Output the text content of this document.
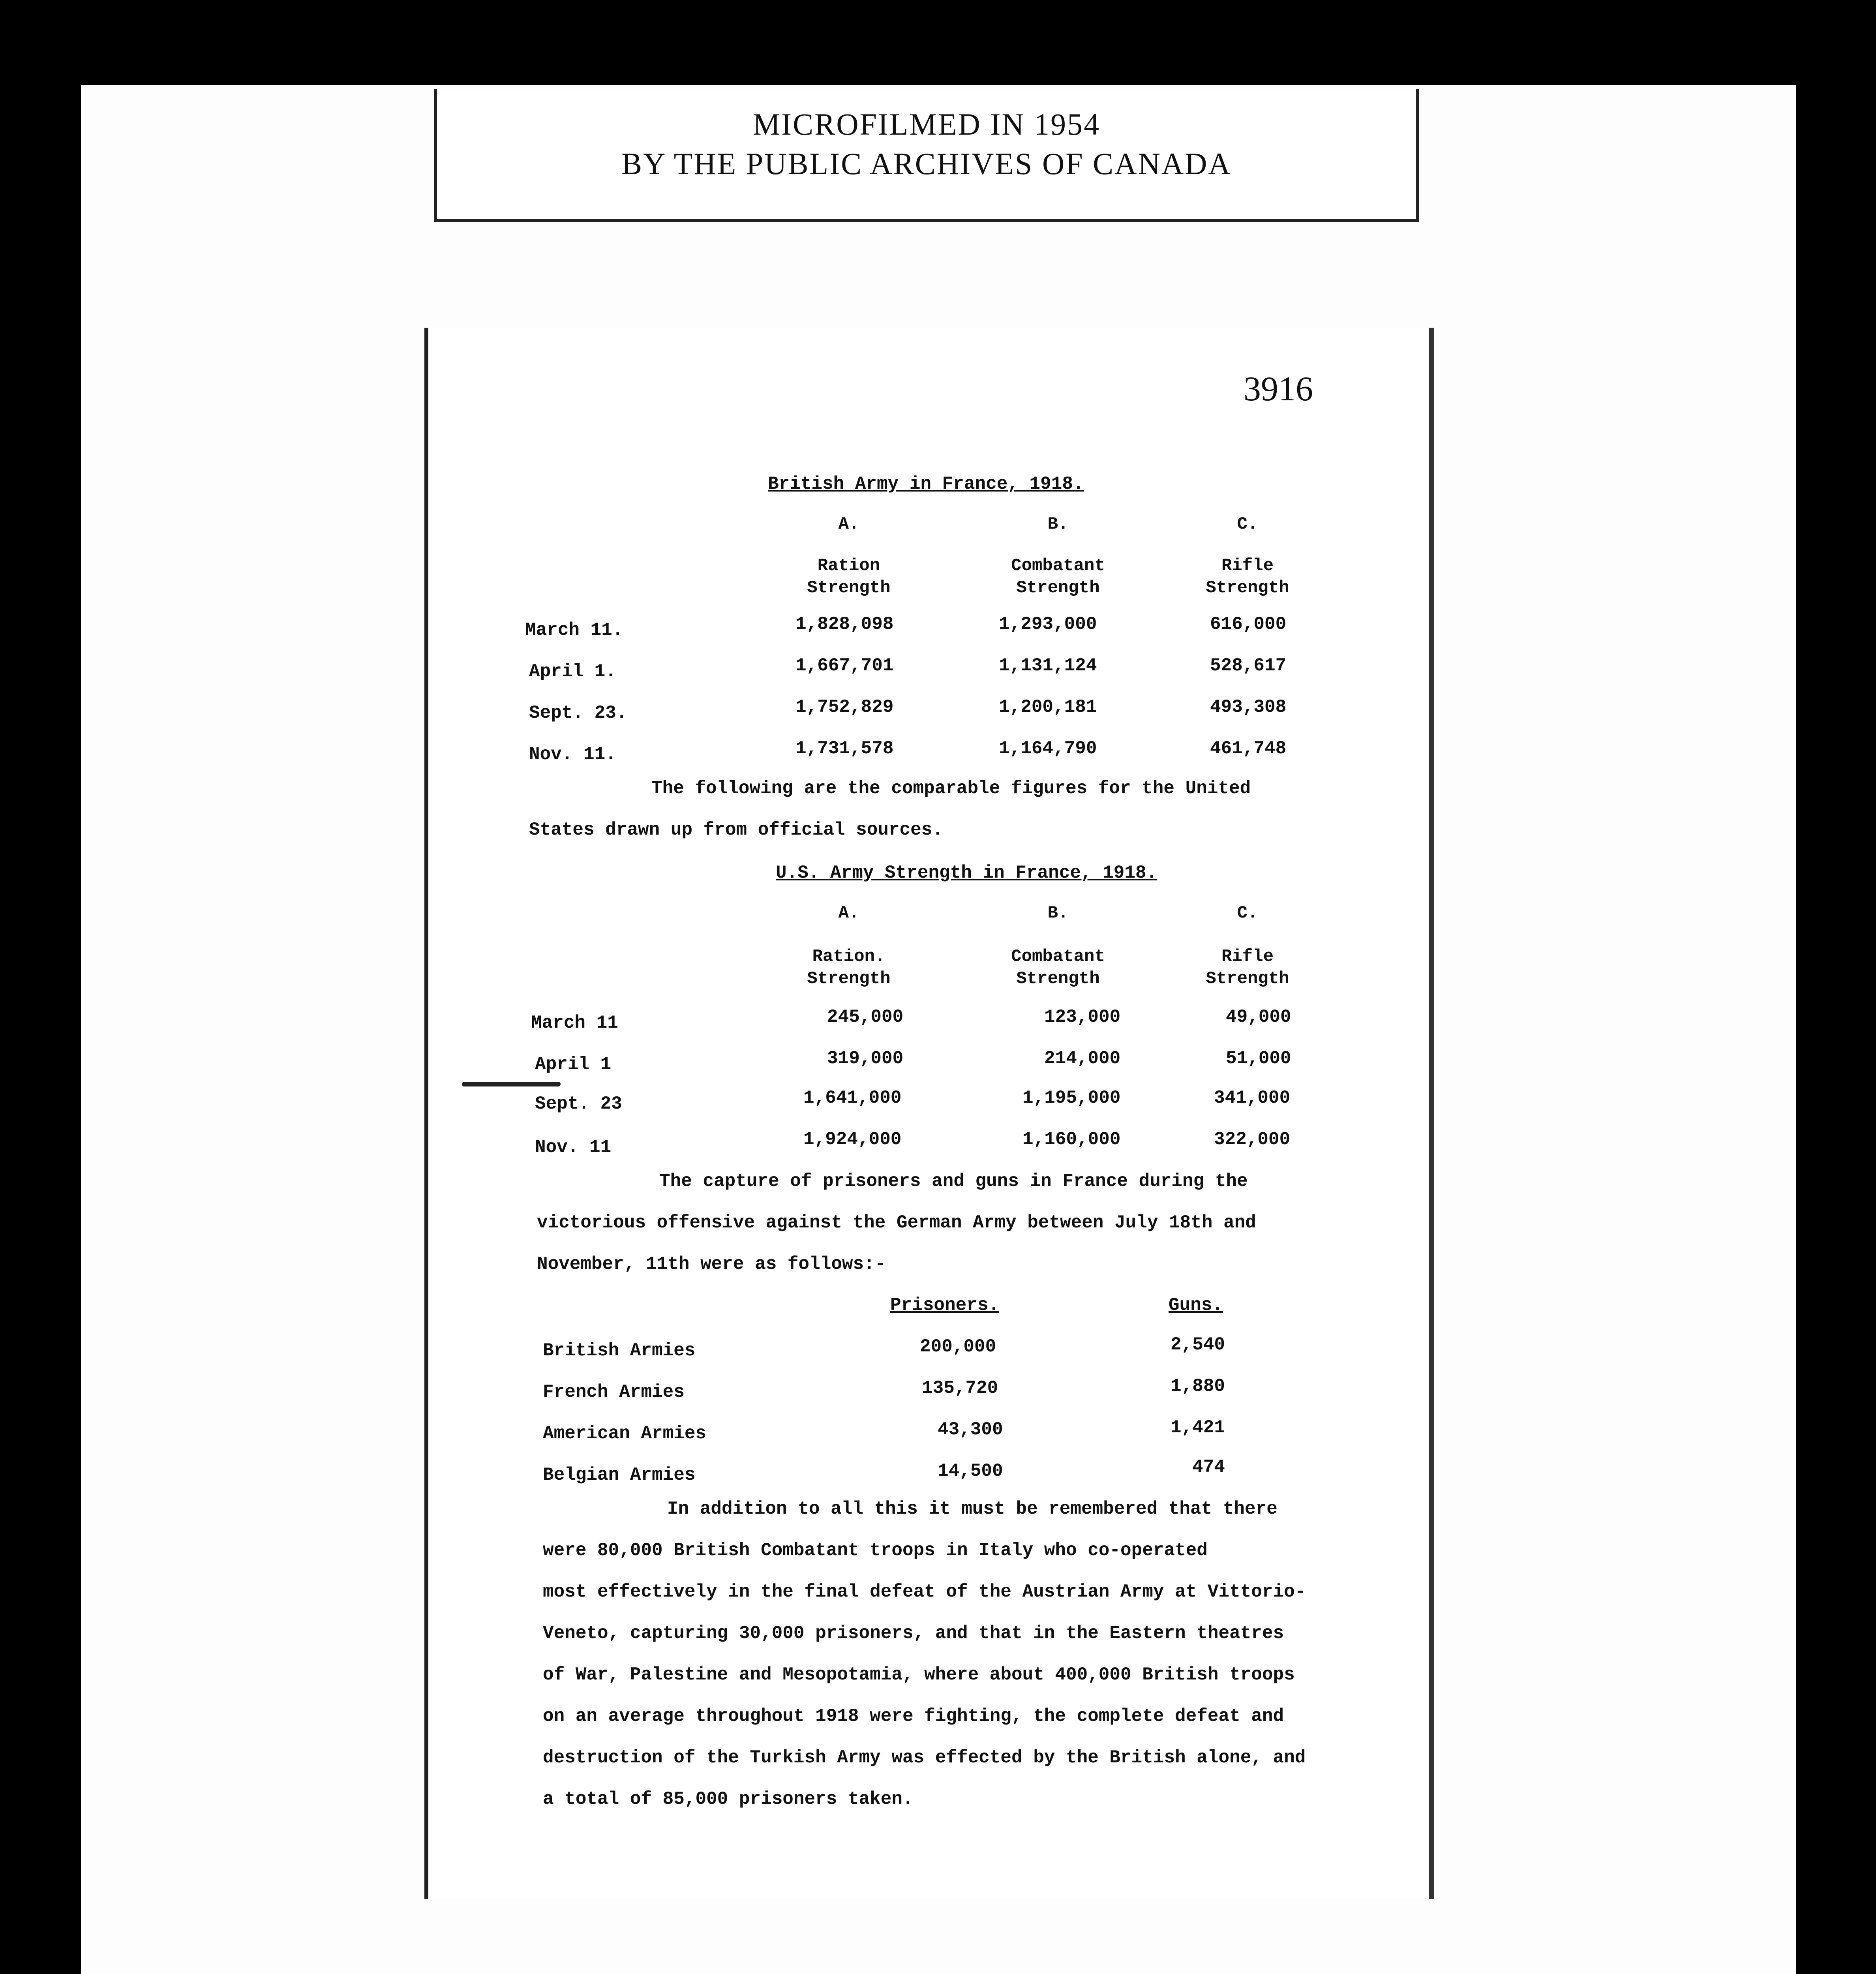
MICROFILMED IN 1954
BY THE PUBLIC ARCHIVES OF CANADA
3916
British Army in France, 1918.
A.	B.	C.
Ration
Strength
Combatant
Strength
Rifle
Strength
March 11.	1,828,098	1,293,000	616,000
April 1.	1,667,701	1,131,124	528,617
Sept. 23.	1,752,829	1,200,181	493,308
Nov. 11.	1,731,578	1,164,790	461,748
The following are the comparable figures for the United
States drawn up from official sources.
U.S. Army Strength in France, 1918.
A.	B.	C.
Ration.
Strength
Combatant
Strength
Rifle
Strength
March 11	245,000	123,000	49,000
April 1	319,000	214,000	51,000
Sept. 23	1,641,000	1,195,000	341,000
Nov. 11	1,924,000	1,160,000	322,000
The capture of prisoners and guns in France during the
victorious offensive against the German Army between July 18th and
November, 11th were as follows:-
Prisoners.	Guns.
British Armies	200,000	2,540
French Armies	135,720	1,880
American Armies	43,300	1,421
Belgian Armies	14,500	474
In addition to all this it must be remembered that there
were 80,000 British Combatant troops in Italy who co-operated
most effectively in the final defeat of the Austrian Army at Vittorio-
Veneto, capturing 30,000 prisoners, and that in the Eastern theatres
of War, Palestine and Mesopotamia, where about 400,000 British troops
on an average throughout 1918 were fighting, the complete defeat and
destruction of the Turkish Army was effected by the British alone, and
a total of 85,000 prisoners taken.
